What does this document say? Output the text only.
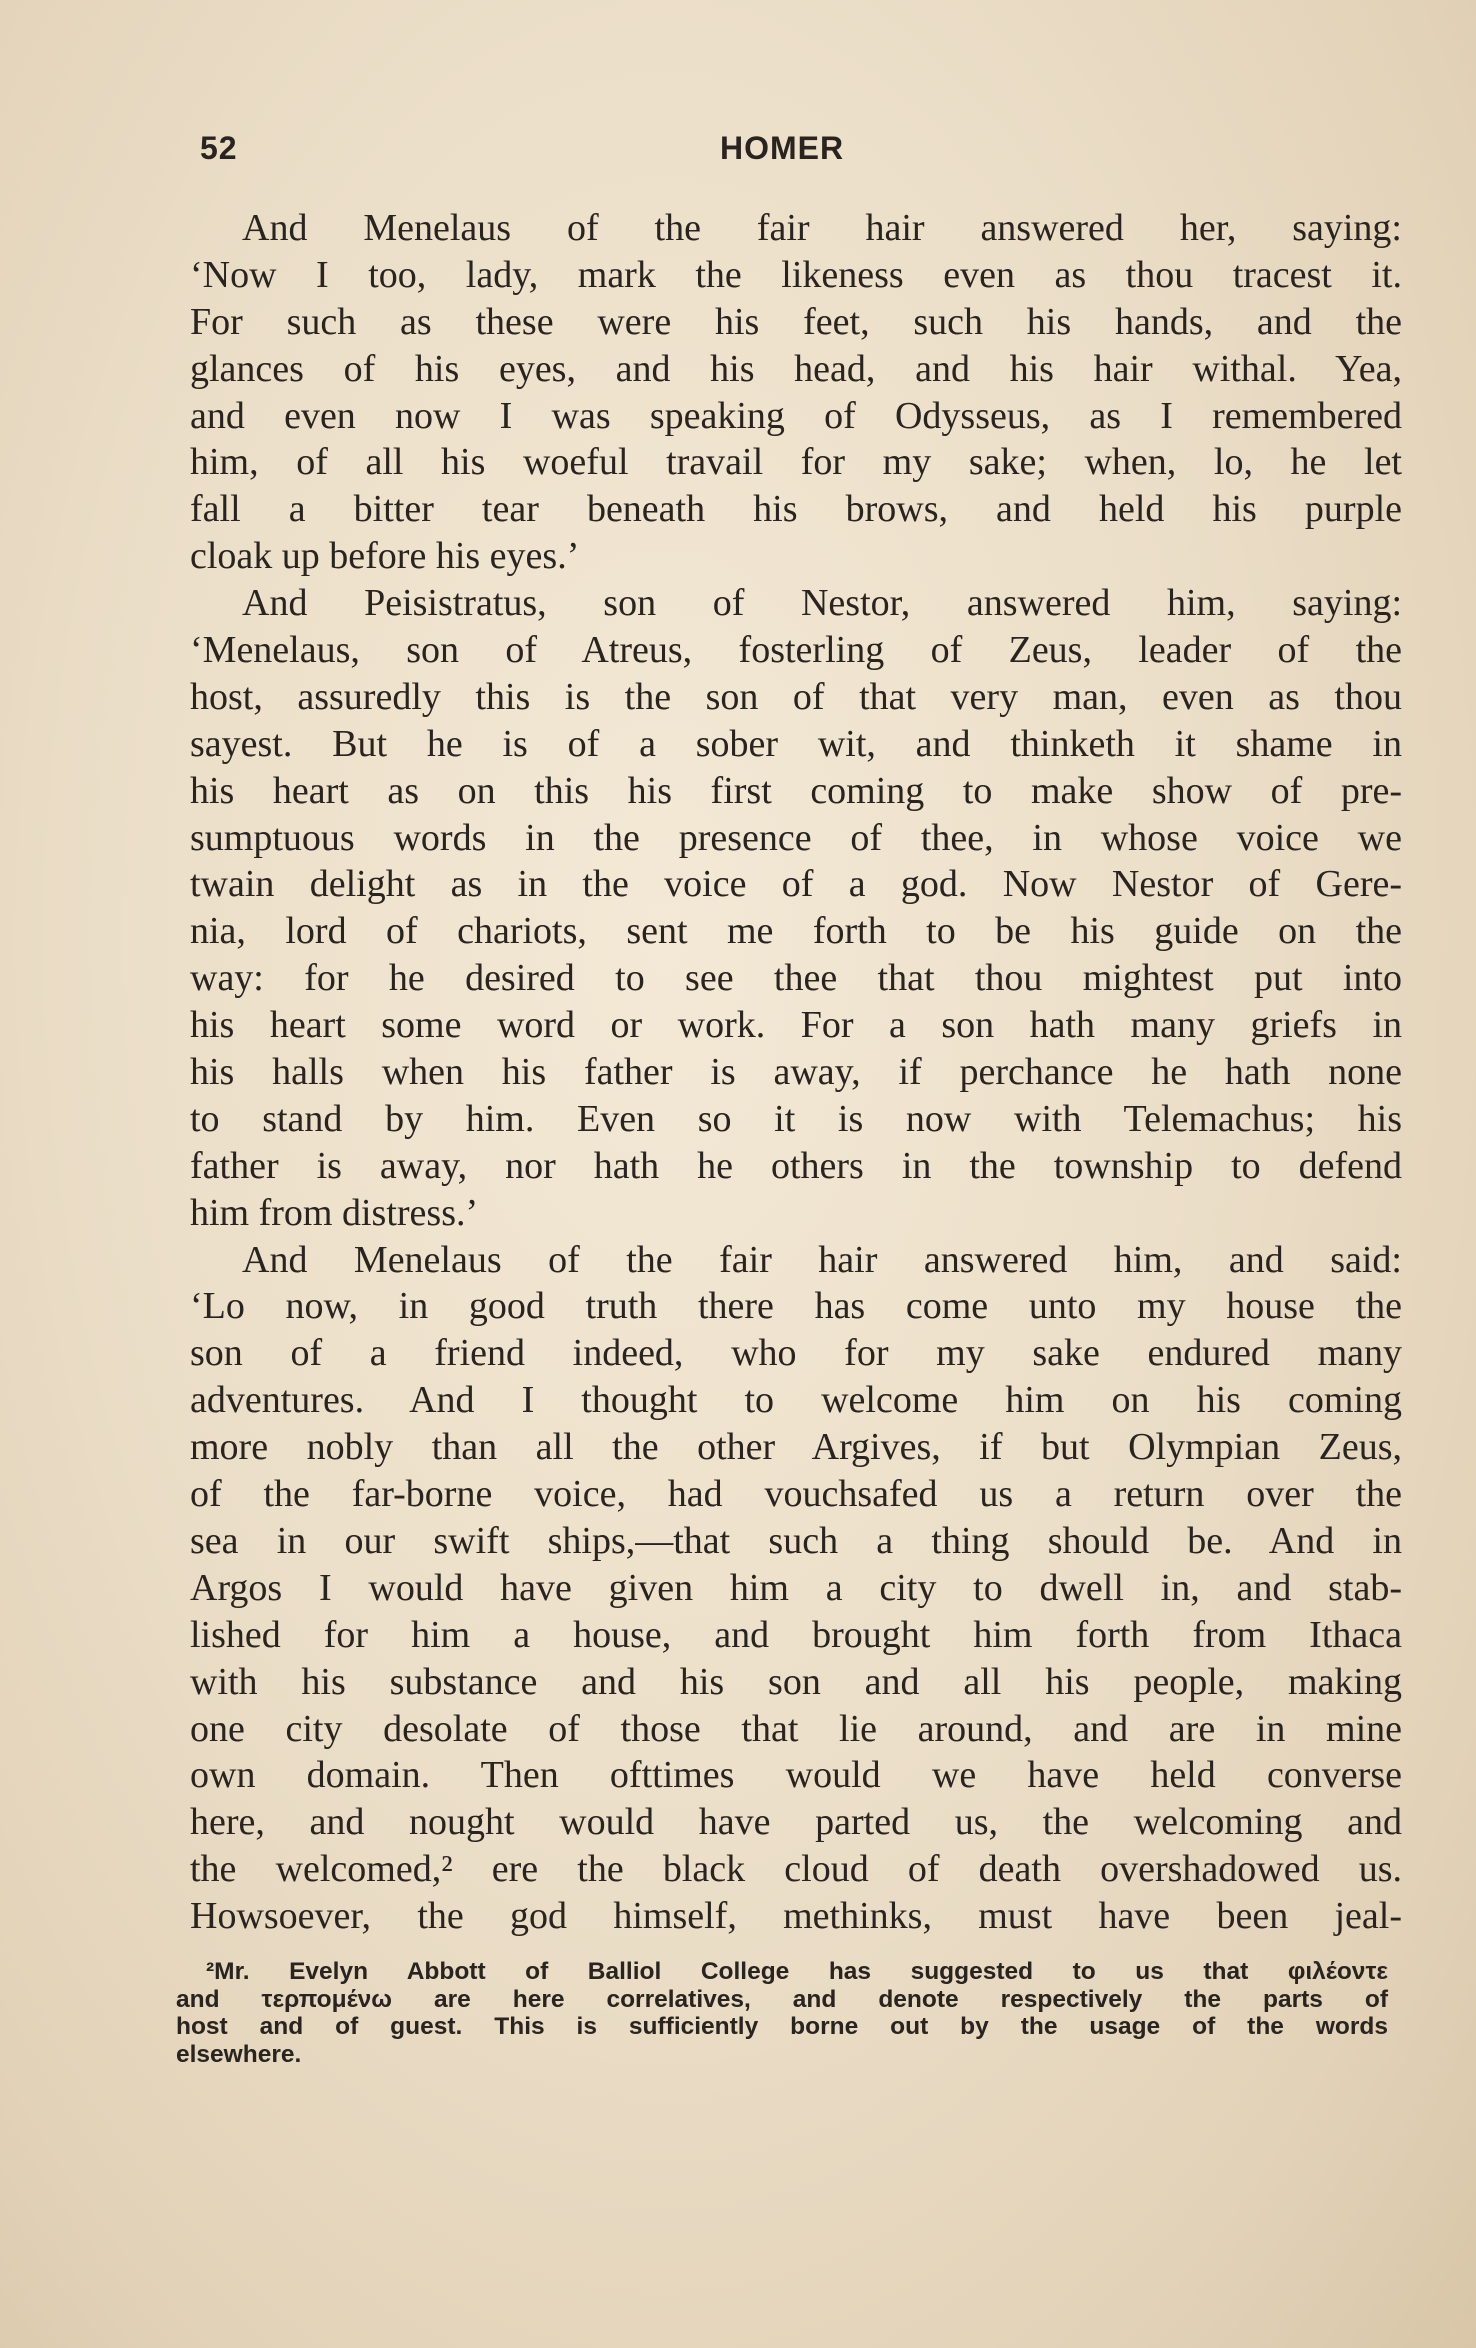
52	HOMER
And Menelaus of the fair hair answered her, saying:
‘Now I too, lady, mark the likeness even as thou tracest it.
For such as these were his feet, such his hands, and the
glances of his eyes, and his head, and his hair withal. Yea,
and even now I was speaking of Odysseus, as I remembered
him, of all his woeful travail for my sake; when, lo, he let
fall a bitter tear beneath his brows, and held his purple
cloak up before his eyes.’
And Peisistratus, son of Nestor, answered him, saying:
‘Menelaus, son of Atreus, fosterling of Zeus, leader of the
host, assuredly this is the son of that very man, even as thou
sayest. But he is of a sober wit, and thinketh it shame in
his heart as on this his first coming to make show of pre-
sumptuous words in the presence of thee, in whose voice we
twain delight as in the voice of a god. Now Nestor of Gere-
nia, lord of chariots, sent me forth to be his guide on the
way: for he desired to see thee that thou mightest put into
his heart some word or work. For a son hath many griefs in
his halls when his father is away, if perchance he hath none
to stand by him. Even so it is now with Telemachus; his
father is away, nor hath he others in the township to defend
him from distress.’
And Menelaus of the fair hair answered him, and said:
‘Lo now, in good truth there has come unto my house the
son of a friend indeed, who for my sake endured many
adventures. And I thought to welcome him on his coming
more nobly than all the other Argives, if but Olympian Zeus,
of the far-borne voice, had vouchsafed us a return over the
sea in our swift ships,—that such a thing should be. And in
Argos I would have given him a city to dwell in, and stab-
lished for him a house, and brought him forth from Ithaca
with his substance and his son and all his people, making
one city desolate of those that lie around, and are in mine
own domain. Then ofttimes would we have held converse
here, and nought would have parted us, the welcoming and
the welcomed,² ere the black cloud of death overshadowed us.
Howsoever, the god himself, methinks, must have been jeal-
²Mr. Evelyn Abbott of Balliol College has suggested to us that φιλέοντε
and τερπομένω are here correlatives, and denote respectively the parts of
host and of guest. This is sufficiently borne out by the usage of the words
elsewhere.
